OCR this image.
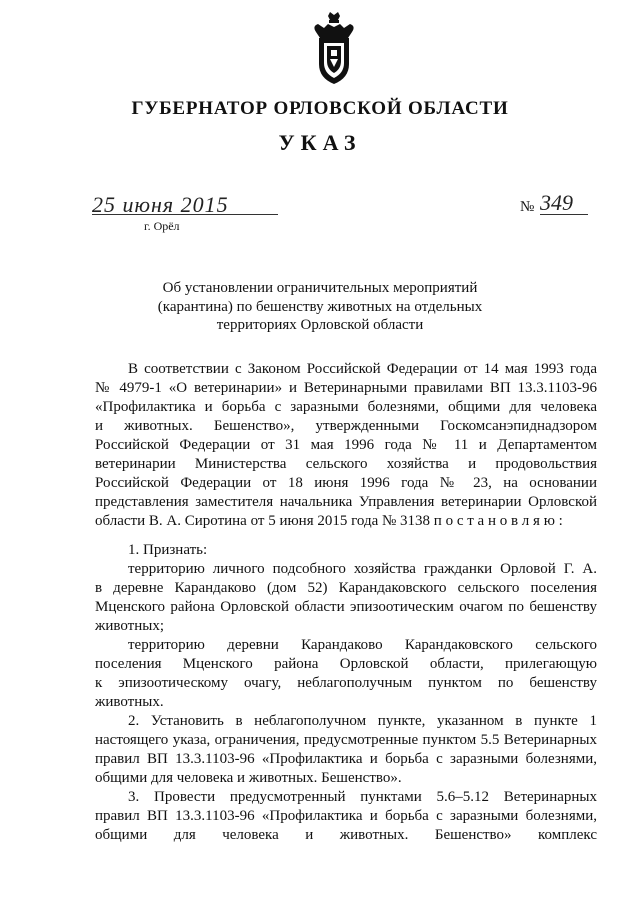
ГУБЕРНАТОР ОРЛОВСКОЙ ОБЛАСТИ
УКАЗ
25 июня 2015	№ 349
г. Орёл
Об установлении ограничительных мероприятий
(карантина) по бешенству животных на отдельных
территориях Орловской области
В соответствии с Законом Российской Федерации от 14 мая 1993 года
№ 4979-1 «О ветеринарии» и Ветеринарными правилами ВП 13.3.1103-96
«Профилактика и борьба с заразными болезнями, общими для человека
и животных. Бешенство», утвержденными Госкомсанэпиднадзором
Российской Федерации от 31 мая 1996 года № 11 и Департаментом
ветеринарии Министерства сельского хозяйства и продовольствия
Российской Федерации от 18 июня 1996 года № 23, на основании
представления заместителя начальника Управления ветеринарии Орловской
области В. А. Сиротина от 5 июня 2015 года № 3138 п о с т а н о в л я ю :
1. Признать:
территорию личного подсобного хозяйства гражданки Орловой Г. А.
в деревне Карандаково (дом 52) Карандаковского сельского поселения
Мценского района Орловской области эпизоотическим очагом по бешенству
животных;
территорию деревни Карандаково Карандаковского сельского
поселения Мценского района Орловской области, прилегающую
к эпизоотическому очагу, неблагополучным пунктом по бешенству
животных.
2. Установить в неблагополучном пункте, указанном в пункте 1
настоящего указа, ограничения, предусмотренные пунктом 5.5 Ветеринарных
правил ВП 13.3.1103-96 «Профилактика и борьба с заразными болезнями,
общими для человека и животных. Бешенство».
3. Провести предусмотренный пунктами 5.6–5.12 Ветеринарных
правил ВП 13.3.1103-96 «Профилактика и борьба с заразными болезнями,
общими для человека и животных. Бешенство» комплекс
